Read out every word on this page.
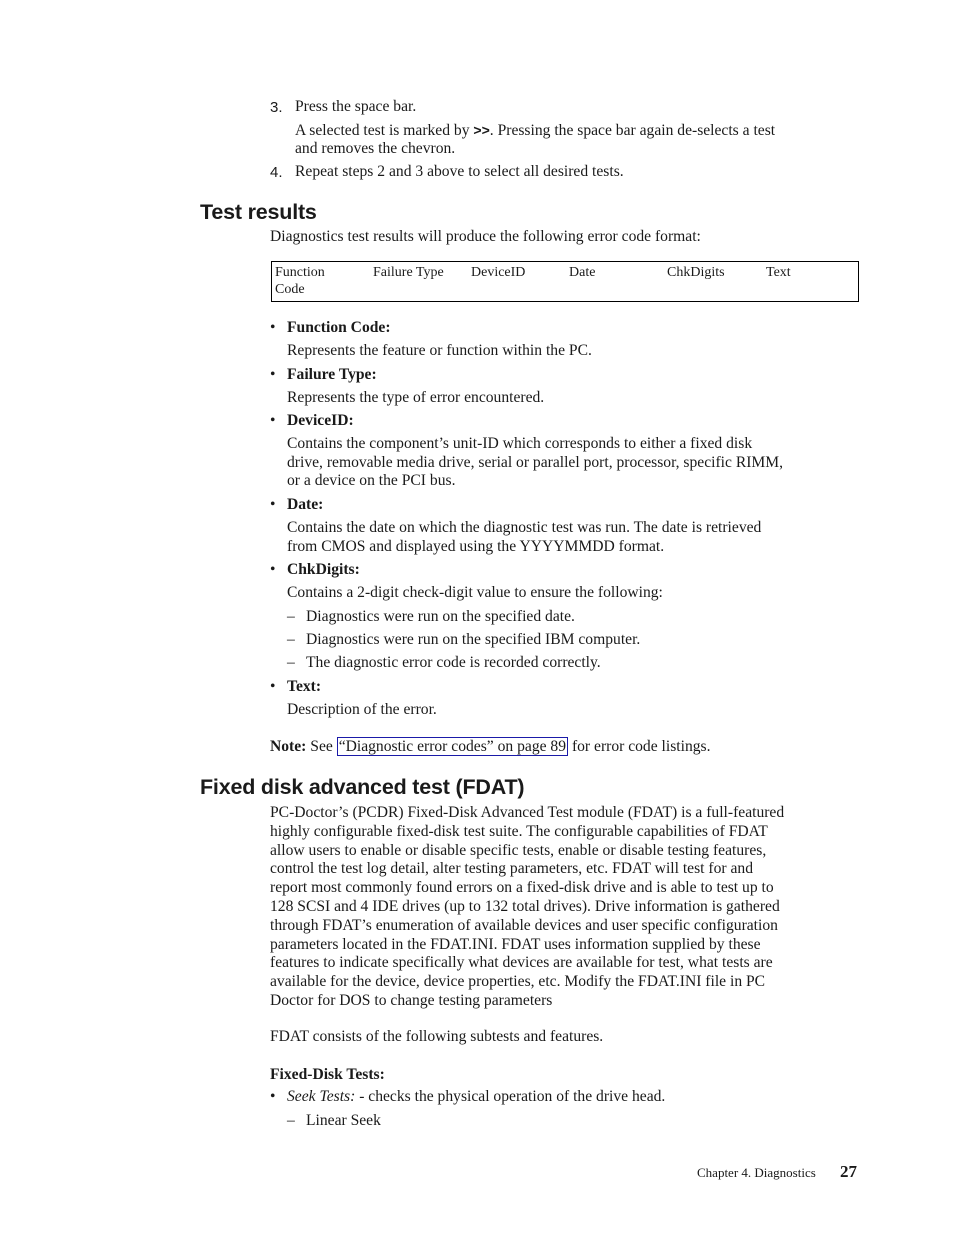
3. Press the space bar.
A selected test is marked by >>. Pressing the space bar again de-selects a test
and removes the chevron.
4. Repeat steps 2 and 3 above to select all desired tests.
Test results
Diagnostics test results will produce the following error code format:
Function
Code
Failure Type DeviceID	Date	ChkDigits	Text
• Function Code:
Represents the feature or function within the PC.
• Failure Type:
Represents the type of error encountered.
• DeviceID:
Contains the component’s unit-ID which corresponds to either a fixed disk
drive, removable media drive, serial or parallel port, processor, specific RIMM,
or a device on the PCI bus.
• Date:
Contains the date on which the diagnostic test was run. The date is retrieved
from CMOS and displayed using the YYYYMMDD format.
• ChkDigits:
Contains a 2-digit check-digit value to ensure the following:
– Diagnostics were run on the specified date.
– Diagnostics were run on the specified IBM computer.
– The diagnostic error code is recorded correctly.
• Text:
Description of the error.
Note: See “Diagnostic error codes” on page 89 for error code listings.
Fixed disk advanced test (FDAT)
PC-Doctor’s (PCDR) Fixed-Disk Advanced Test module (FDAT) is a full-featured
highly configurable fixed-disk test suite. The configurable capabilities of FDAT
allow users to enable or disable specific tests, enable or disable testing features,
control the test log detail, alter testing parameters, etc. FDAT will test for and
report most commonly found errors on a fixed-disk drive and is able to test up to
128 SCSI and 4 IDE drives (up to 132 total drives). Drive information is gathered
through FDAT’s enumeration of available devices and user specific configuration
parameters located in the FDAT.INI. FDAT uses information supplied by these
features to indicate specifically what devices are available for test, what tests are
available for the device, device properties, etc. Modify the FDAT.INI file in PC
Doctor for DOS to change testing parameters
FDAT consists of the following subtests and features.
Fixed-Disk Tests:
• Seek Tests: - checks the physical operation of the drive head.
– Linear Seek
Chapter 4. Diagnostics 27
